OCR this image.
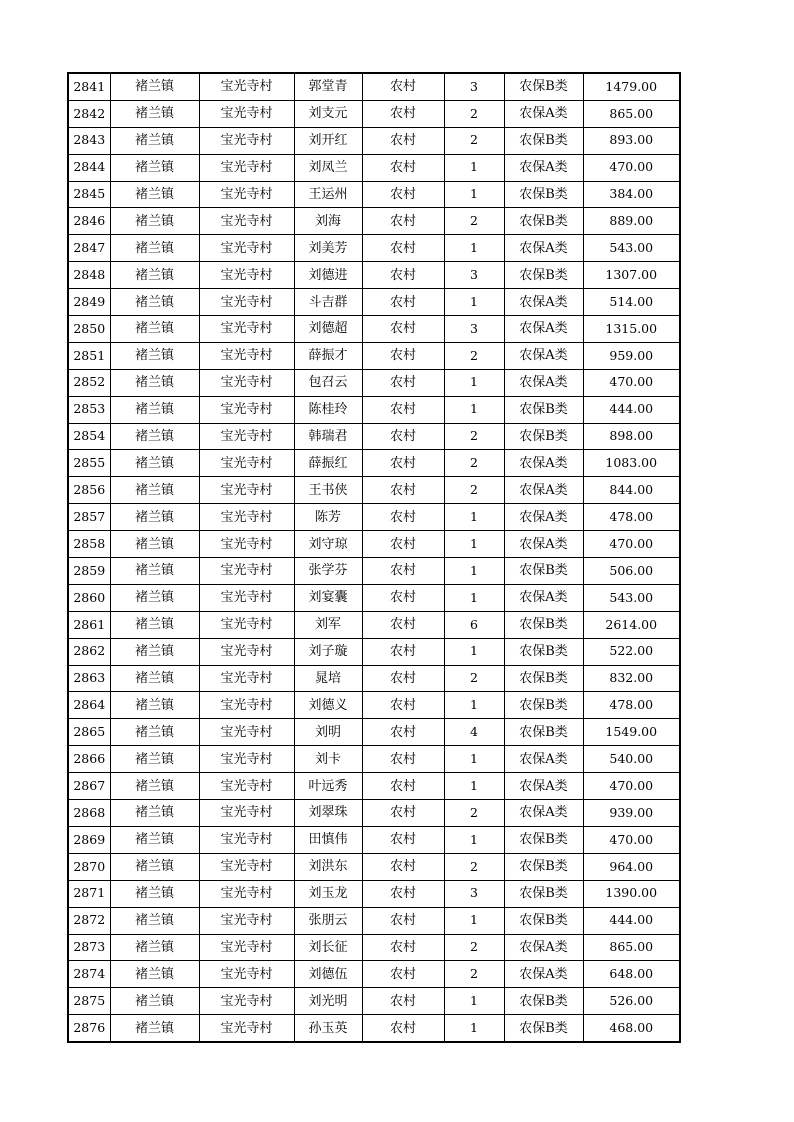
2841	褚兰镇	宝光寺村	郭堂青	农村	3	农保B类	1479.00
2842	褚兰镇	宝光寺村	刘支元	农村	2	农保A类	865.00
2843	褚兰镇	宝光寺村	刘开红	农村	2	农保B类	893.00
2844	褚兰镇	宝光寺村	刘凤兰	农村	1	农保A类	470.00
2845	褚兰镇	宝光寺村	王运州	农村	1	农保B类	384.00
2846	褚兰镇	宝光寺村	刘海	农村	2	农保B类	889.00
2847	褚兰镇	宝光寺村	刘美芳	农村	1	农保A类	543.00
2848	褚兰镇	宝光寺村	刘德进	农村	3	农保B类	1307.00
2849	褚兰镇	宝光寺村	斗吉群	农村	1	农保A类	514.00
2850	褚兰镇	宝光寺村	刘德超	农村	3	农保A类	1315.00
2851	褚兰镇	宝光寺村	薛振才	农村	2	农保A类	959.00
2852	褚兰镇	宝光寺村	包召云	农村	1	农保A类	470.00
2853	褚兰镇	宝光寺村	陈桂玲	农村	1	农保B类	444.00
2854	褚兰镇	宝光寺村	韩瑞君	农村	2	农保B类	898.00
2855	褚兰镇	宝光寺村	薛振红	农村	2	农保A类	1083.00
2856	褚兰镇	宝光寺村	王书侠	农村	2	农保A类	844.00
2857	褚兰镇	宝光寺村	陈芳	农村	1	农保A类	478.00
2858	褚兰镇	宝光寺村	刘守琼	农村	1	农保A类	470.00
2859	褚兰镇	宝光寺村	张学芬	农村	1	农保B类	506.00
2860	褚兰镇	宝光寺村	刘宴囊	农村	1	农保A类	543.00
2861	褚兰镇	宝光寺村	刘军	农村	6	农保B类	2614.00
2862	褚兰镇	宝光寺村	刘子璇	农村	1	农保B类	522.00
2863	褚兰镇	宝光寺村	晁培	农村	2	农保B类	832.00
2864	褚兰镇	宝光寺村	刘德义	农村	1	农保B类	478.00
2865	褚兰镇	宝光寺村	刘明	农村	4	农保B类	1549.00
2866	褚兰镇	宝光寺村	刘卡	农村	1	农保A类	540.00
2867	褚兰镇	宝光寺村	叶远秀	农村	1	农保A类	470.00
2868	褚兰镇	宝光寺村	刘翠珠	农村	2	农保A类	939.00
2869	褚兰镇	宝光寺村	田慎伟	农村	1	农保B类	470.00
2870	褚兰镇	宝光寺村	刘洪东	农村	2	农保B类	964.00
2871	褚兰镇	宝光寺村	刘玉龙	农村	3	农保B类	1390.00
2872	褚兰镇	宝光寺村	张朋云	农村	1	农保B类	444.00
2873	褚兰镇	宝光寺村	刘长征	农村	2	农保A类	865.00
2874	褚兰镇	宝光寺村	刘德伍	农村	2	农保A类	648.00
2875	褚兰镇	宝光寺村	刘光明	农村	1	农保B类	526.00
2876	褚兰镇	宝光寺村	孙玉英	农村	1	农保B类	468.00
